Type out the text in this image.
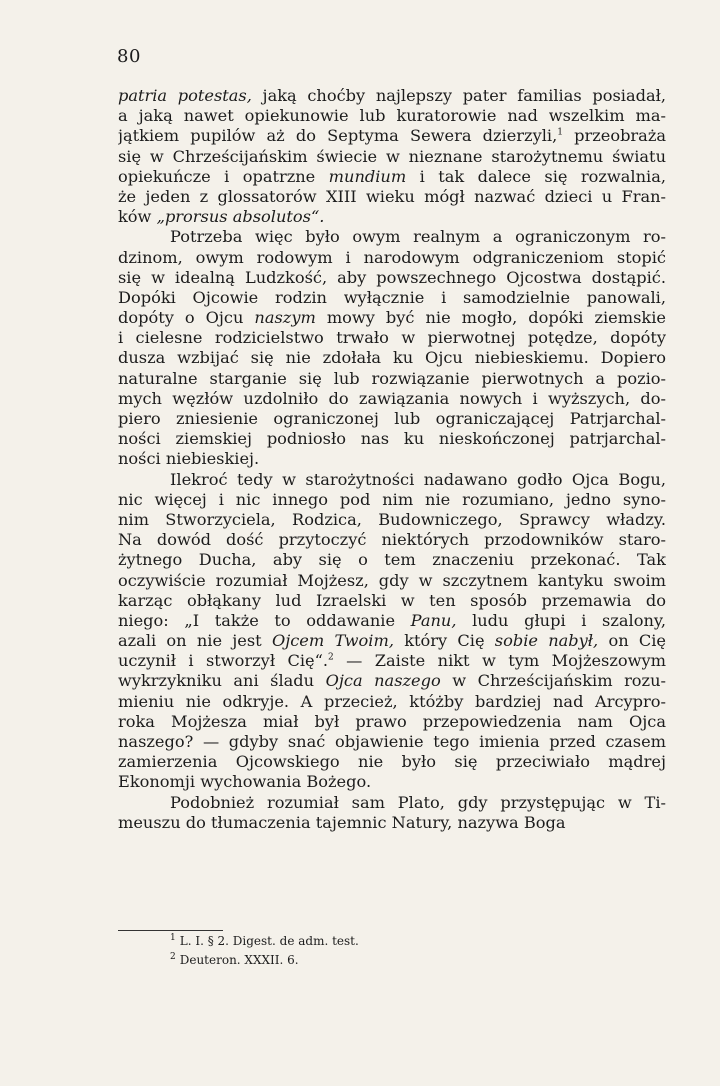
80
patria potestas, jaką choćby najlepszy pater familias posiadał,
a jaką nawet opiekunowie lub kuratorowie nad wszelkim ma-
jątkiem pupilów aż do Septyma Sewera dzierzyli,$^1$ przeobraża
się w Chrześcijańskim świecie w nieznane starożytnemu światu
opiekuńcze i opatrzne mundium i tak dalece się rozwalnia,
że jeden z glossatorów XIII wieku mógł nazwać dzieci u Fran-
ków „prorsus absolutos“.
Potrzeba więc było owym realnym a ograniczonym ro-
dzinom, owym rodowym i narodowym odgraniczeniom stopić
się w idealną Ludzkość, aby powszechnego Ojcostwa dostąpić.
Dopóki Ojcowie rodzin wyłącznie i samodzielnie panowali,
dopóty o Ojcu naszym mowy być nie mogło, dopóki ziemskie
i cielesne rodzicielstwo trwało w pierwotnej potędze, dopóty
dusza wzbijać się nie zdołała ku Ojcu niebieskiemu. Dopiero
naturalne starganie się lub rozwiązanie pierwotnych a pozio-
mych węzłów uzdolniło do zawiązania nowych i wyższych, do-
piero zniesienie ograniczonej lub ograniczającej Patrjarchal-
ności ziemskiej podniosło nas ku nieskończonej patrjarchal-
ności niebieskiej.
Ilekroć tedy w starożytności nadawano godło Ojca Bogu,
nic więcej i nic innego pod nim nie rozumiano, jedno syno-
nim Stworzyciela, Rodzica, Budowniczego, Sprawcy władzy.
Na dowód dość przytoczyć niektórych przodowników staro-
żytnego Ducha, aby się o tem znaczeniu przekonać. Tak
oczywiście rozumiał Mojżesz, gdy w szczytnem kantyku swoim
karząc obłąkany lud Izraelski w ten sposób przemawia do
niego: „I także to oddawanie Panu, ludu głupi i szalony,
azali on nie jest Ojcem Twoim, który Cię sobie nabył, on Cię
uczynił i stworzył Cię“.$^2$ — Zaiste nikt w tym Mojżeszowym
wykrzykniku ani śladu Ojca naszego w Chrześcijańskim rozu-
mieniu nie odkryje. A przecież, któżby bardziej nad Arcypro-
roka Mojżesza miał był prawo przepowiedzenia nam Ojca
naszego? — gdyby snać objawienie tego imienia przed czasem
zamierzenia Ojcowskiego nie było się przeciwiało mądrej
Ekonomji wychowania Bożego.
Podobnież rozumiał sam Plato, gdy przystępując w Ti-
meuszu do tłumaczenia tajemnic Natury, nazywa Boga
$^1$ L. I. § 2. Digest. de adm. test.
$^2$ Deuteron. XXXII. 6.
